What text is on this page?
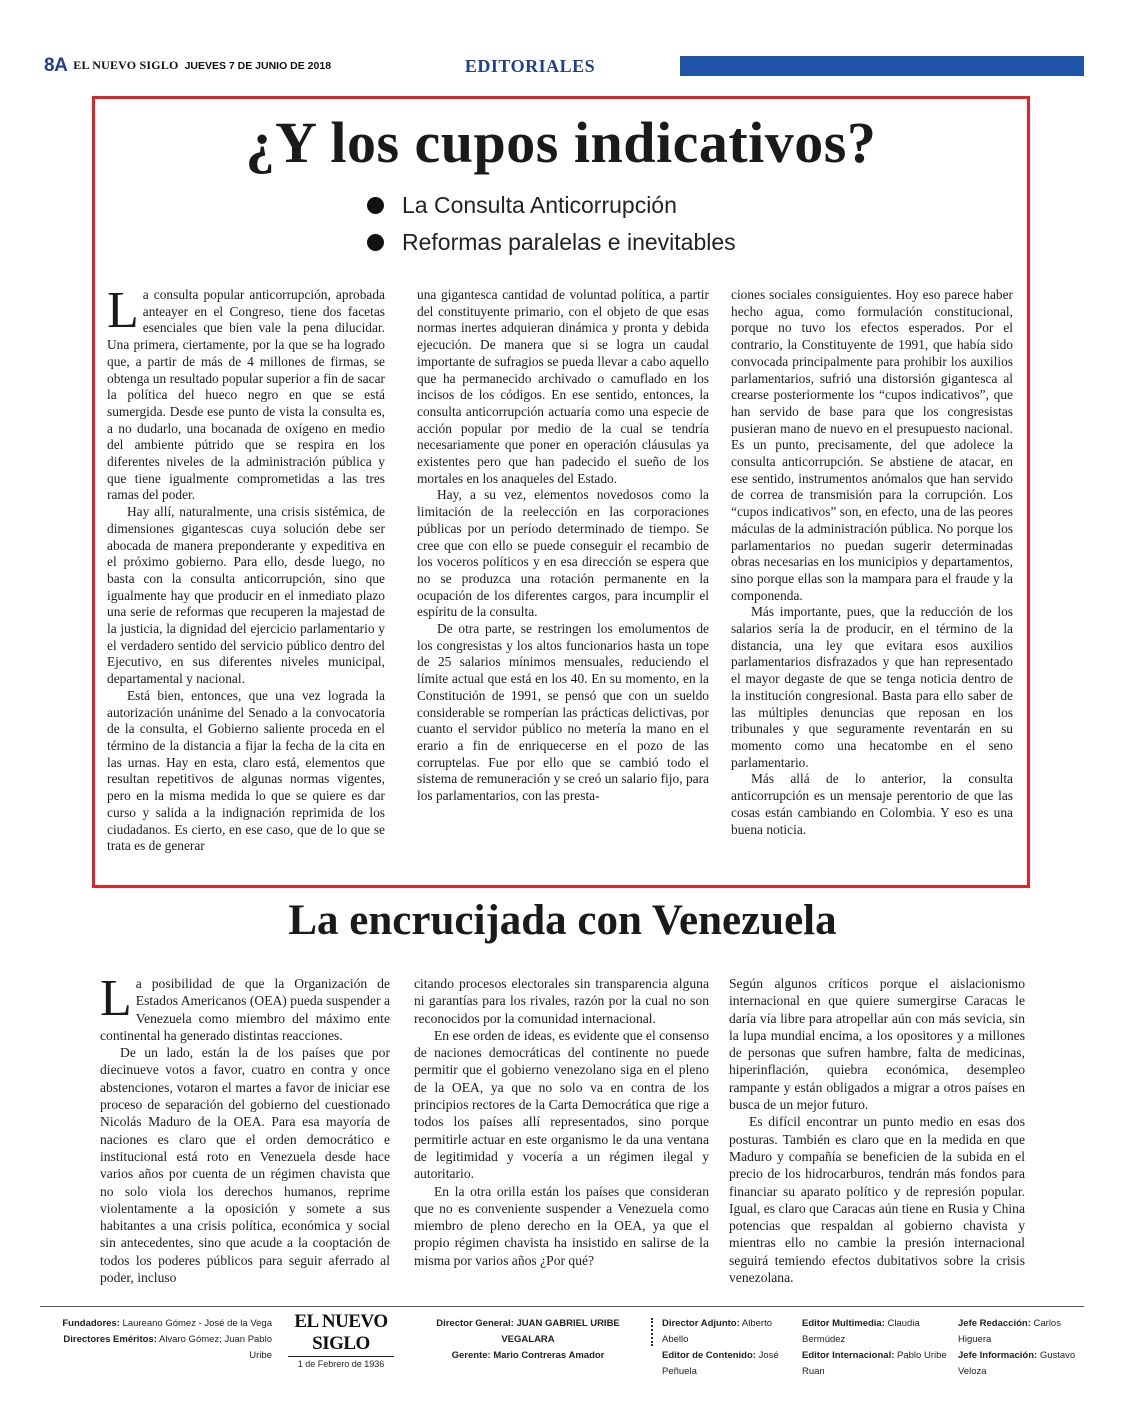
8A EL NUEVO SIGLO JUEVES 7 DE JUNIO DE 2018	EDITORIALES
¿Y los cupos indicativos?
La Consulta Anticorrupción
Reformas paralelas e inevitables

La consulta popular anticorrupción, aprobada anteayer en el Congreso, tiene dos facetas esenciales que bien vale la pena dilucidar. Una primera, ciertamente, por la que se ha logrado que, a partir de más de 4 millones de firmas, se obtenga un resultado popular superior a fin de sacar la política del hueco negro en que se está sumergida. Desde ese punto de vista la consulta es, a no dudarlo, una bocanada de oxígeno en medio del ambiente pútrido que se respira en los diferentes niveles de la administración pública y que tiene igualmente comprometidas a las tres ramas del poder.

Hay allí, naturalmente, una crisis sistémica, de dimensiones gigantescas cuya solución debe ser abocada de manera preponderante y expeditiva en el próximo gobierno. Para ello, desde luego, no basta con la consulta anticorrupción, sino que igualmente hay que producir en el inmediato plazo una serie de reformas que recuperen la majestad de la justicia, la dignidad del ejercicio parlamentario y el verdadero sentido del servicio público dentro del Ejecutivo, en sus diferentes niveles municipal, departamental y nacional.

Está bien, entonces, que una vez lograda la autorización unánime del Senado a la convocatoria de la consulta, el Gobierno saliente proceda en el término de la distancia a fijar la fecha de la cita en las urnas. Hay en esta, claro está, elementos que resultan repetitivos de algunas normas vigentes, pero en la misma medida lo que se quiere es dar curso y salida a la indignación reprimida de los ciudadanos. Es cierto, en ese caso, que de lo que se trata es de generar

una gigantesca cantidad de voluntad política, a partir del constituyente primario, con el objeto de que esas normas inertes adquieran dinámica y pronta y debida ejecución. De manera que si se logra un caudal importante de sufragios se pueda llevar a cabo aquello que ha permanecido archivado o camuflado en los incisos de los códigos. En ese sentido, entonces, la consulta anticorrupción actuaría como una especie de acción popular por medio de la cual se tendría necesariamente que poner en operación cláusulas ya existentes pero que han padecido el sueño de los mortales en los anaqueles del Estado.

Hay, a su vez, elementos novedosos como la limitación de la reelección en las corporaciones públicas por un período determinado de tiempo. Se cree que con ello se puede conseguir el recambio de los voceros políticos y en esa dirección se espera que no se produzca una rotación permanente en la ocupación de los diferentes cargos, para incumplir el espíritu de la consulta.

De otra parte, se restringen los emolumentos de los congresistas y los altos funcionarios hasta un tope de 25 salarios mínimos mensuales, reduciendo el límite actual que está en los 40. En su momento, en la Constitución de 1991, se pensó que con un sueldo considerable se romperían las prácticas delictivas, por cuanto el servidor público no metería la mano en el erario a fin de enriquecerse en el pozo de las corruptelas. Fue por ello que se cambió todo el sistema de remuneración y se creó un salario fijo, para los parlamentarios, con las presta-

ciones sociales consiguientes. Hoy eso parece haber hecho agua, como formulación constitucional, porque no tuvo los efectos esperados. Por el contrario, la Constituyente de 1991, que había sido convocada principalmente para prohibir los auxilios parlamentarios, sufrió una distorsión gigantesca al crearse posteriormente los “cupos indicativos”, que han servido de base para que los congresistas pusieran mano de nuevo en el presupuesto nacional. Es un punto, precisamente, del que adolece la consulta anticorrupción. Se abstiene de atacar, en ese sentido, instrumentos anómalos que han servido de correa de transmisión para la corrupción. Los “cupos indicativos” son, en efecto, una de las peores máculas de la administración pública. No porque los parlamentarios no puedan sugerir determinadas obras necesarias en los municipios y departamentos, sino porque ellas son la mampara para el fraude y la componenda.

Más importante, pues, que la reducción de los salarios sería la de producir, en el término de la distancia, una ley que evitara esos auxilios parlamentarios disfrazados y que han representado el mayor degaste de que se tenga noticia dentro de la institución congresional. Basta para ello saber de las múltiples denuncias que reposan en los tribunales y que seguramente reventarán en su momento como una hecatombe en el seno parlamentario.

Más allá de lo anterior, la consulta anticorrupción es un mensaje perentorio de que las cosas están cambiando en Colombia. Y eso es una buena noticia.

La encrucijada con Venezuela

La posibilidad de que la Organización de Estados Americanos (OEA) pueda suspender a Venezuela como miembro del máximo ente continental ha generado distintas reacciones.

De un lado, están la de los países que por diecinueve votos a favor, cuatro en contra y once abstenciones, votaron el martes a favor de iniciar ese proceso de separación del gobierno del cuestionado Nicolás Maduro de la OEA. Para esa mayoría de naciones es claro que el orden democrático e institucional está roto en Venezuela desde hace varios años por cuenta de un régimen chavista que no solo viola los derechos humanos, reprime violentamente a la oposición y somete a sus habitantes a una crisis política, económica y social sin antecedentes, sino que acude a la cooptación de todos los poderes públicos para seguir aferrado al poder, incluso

citando procesos electorales sin transparencia alguna ni garantías para los rivales, razón por la cual no son reconocidos por la comunidad internacional.

En ese orden de ideas, es evidente que el consenso de naciones democráticas del continente no puede permitir que el gobierno venezolano siga en el pleno de la OEA, ya que no solo va en contra de los principios rectores de la Carta Democrática que rige a todos los países allí representados, sino porque permitirle actuar en este organismo le da una ventana de legitimidad y vocería a un régimen ilegal y autoritario.

En la otra orilla están los países que consideran que no es conveniente suspender a Venezuela como miembro de pleno derecho en la OEA, ya que el propio régimen chavista ha insistido en salirse de la misma por varios años ¿Por qué?

Según algunos críticos porque el aislacionismo internacional en que quiere sumergirse Caracas le daría vía libre para atropellar aún con más sevicia, sin la lupa mundial encima, a los opositores y a millones de personas que sufren hambre, falta de medicinas, hiperinflación, quiebra económica, desempleo rampante y están obligados a migrar a otros países en busca de un mejor futuro.

Es difícil encontrar un punto medio en esas dos posturas. También es claro que en la medida en que Maduro y compañía se beneficien de la subida en el precio de los hidrocarburos, tendrán más fondos para financiar su aparato político y de represión popular. Igual, es claro que Caracas aún tiene en Rusia y China potencias que respaldan al gobierno chavista y mientras ello no cambie la presión internacional seguirá temiendo efectos dubitativos sobre la crisis venezolana.

Fundadores: Laureano Gómez - José de la Vega
Directores Eméritos: Alvaro Gómez; Juan Pablo Uribe
EL NUEVO SIGLO
1 de Febrero de 1936
Director General: JUAN GABRIEL URIBE VEGALARA
Gerente: Mario Contreras Amador
Director Adjunto: Alberto Abello
Editor de Contenido: José Peñuela
Editor Multimedia: Claudia Bermúdez
Editor Internacional: Pablo Uribe Ruan
Jefe Redacción: Carlos Higuera
Jefe Información: Gustavo Veloza
